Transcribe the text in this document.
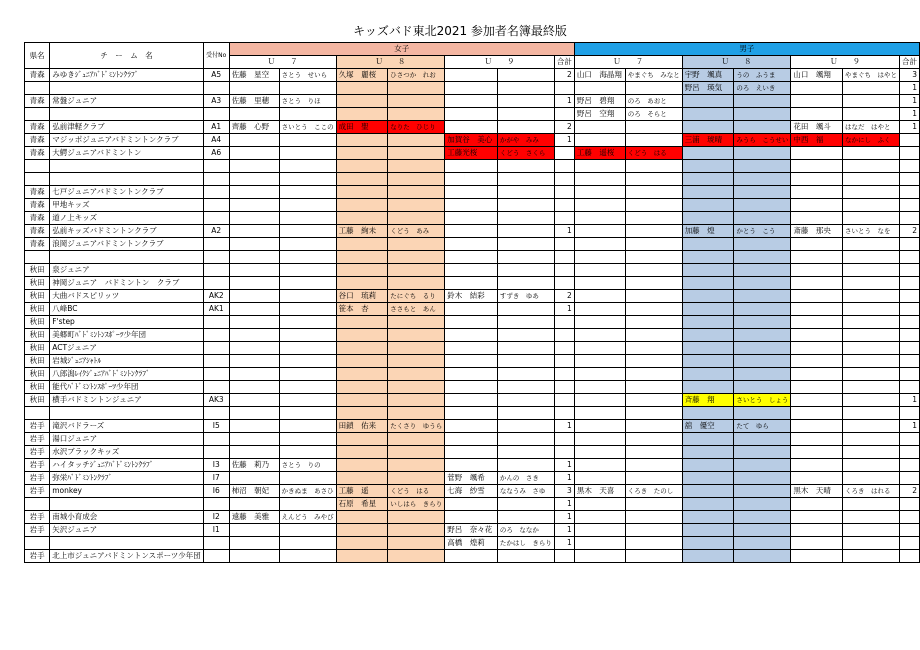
キッズバド東北2021 参加者名簿最終版
県名	チ　ー　ム　名	受付No	女子							男子						
			Ｕ　　７		Ｕ　　８		Ｕ　　９		合計	Ｕ　　７		Ｕ　　８		Ｕ　　９		合計
青森	みゆきｼﾞｭﾆｱﾊﾞﾄﾞﾐﾝﾄﾝｸﾗﾌﾞ	A5	佐藤　星空	さとう　せいら	久塚　麗桜	ひさつか　れお			2	山口　海晶翔	やまぐち　みなと	宇野　颯真	うの　ふうま	山口　颯翔	やまぐち　はやと	3
												野呂　瑛気	のろ　えいき			1
青森	常盤ジュニア	A3	佐藤　里穂	さとう　りほ					1	野呂　碧翔	のろ　あおと					1
										野呂　空翔	のろ　そらと					1
青森	弘前津軽クラブ	A1	齊藤　心野	さいとう　ここの	成田　聖	なりた　ひじり			2					花田　颯斗	はなだ　はやと	1
青森	マジッポジュニアバドミントンクラブ	A4					加賀谷　美心	かがや　みみ	1			三浦　琥晴	みうら　こうせい	中西　福	なかにし　ふく	
青森	大鰐ジュニアバドミントン	A6					工藤光桜	くどう　さくら		工藤　遥桜	くどう　はる					

青森	七戸ジュニアバドミントンクラブ															
青森	甲地キッズ															
青森	道ノ上キッズ															
青森	弘前キッズバドミントンクラブ	A2			工藤　絢未	くどう　あみ			1			加藤　煌	かとう　こう	斎藤　那央	さいとう　なを	2
青森	浪岡ジュニアバドミントンクラブ															

秋田	泉ジュニア															
秋田	神岡ジュニア　バドミントン　クラブ															
秋田	大曲バドスピリッツ	AK2			谷口　琉莉	たにぐち　るり	鈴木　結彩	すずき　ゆあ	2							
秋田	八峰BC	AK1			笹本　杏	ささもと　あん			1							
秋田	F'step															
秋田	美郷町ﾊﾞﾄﾞﾐﾝﾄﾝｽﾎﾟｰﾂ少年団															
秋田	ACTジュニア															
秋田	岩城ｼﾞｭﾆｱｼｬﾄﾙ															
秋田	八郎潟ﾚｲｸｼﾞｭﾆｱﾊﾞﾄﾞﾐﾝﾄﾝｸﾗﾌﾞ															
秋田	能代ﾊﾞﾄﾞﾐﾝﾄﾝｽﾎﾟｰﾂ少年団															
秋田	横手バドミントンジュニア	AK3										斉藤　翔	さいとう　しょう			1

岩手	滝沢バドラーズ	I5			田鎖　佑来	たくさり　ゆうら			1			舘　優空	たて　ゆら			1
岩手	湯口ジュニア															
岩手	水沢ブラックキッズ															
岩手	ハイタッチｼﾞｭﾆｱﾊﾞﾄﾞﾐﾝﾄﾝｸﾗﾌﾞ	I3	佐藤　莉乃	さとう　りの					1							
岩手	弥栄ﾊﾞﾄﾞﾐﾝﾄﾝｸﾗﾌﾞ	I7					菅野　颯希	かんの　さき	1							
岩手	monkey	I6	柿沼　朝妃	かきぬま　あさひ	工藤　遥	くどう　はる	七海　紗雪	ななうみ　さゆ	3	黒木　天喜	くろき　たのし			黒木　天晴	くろき　はれる	2
					石原　希星	いしはら　きらり			1							
岩手	南城小育成会	I2	遠藤　美雅	えんどう　みやび					1							
岩手	矢沢ジュニア	I1					野呂　奈々花	のろ　ななか	1							
							高橋　煌莉	たかはし　きらり	1							
岩手	北上市ジュニアバドミントンスポーツ少年団															
